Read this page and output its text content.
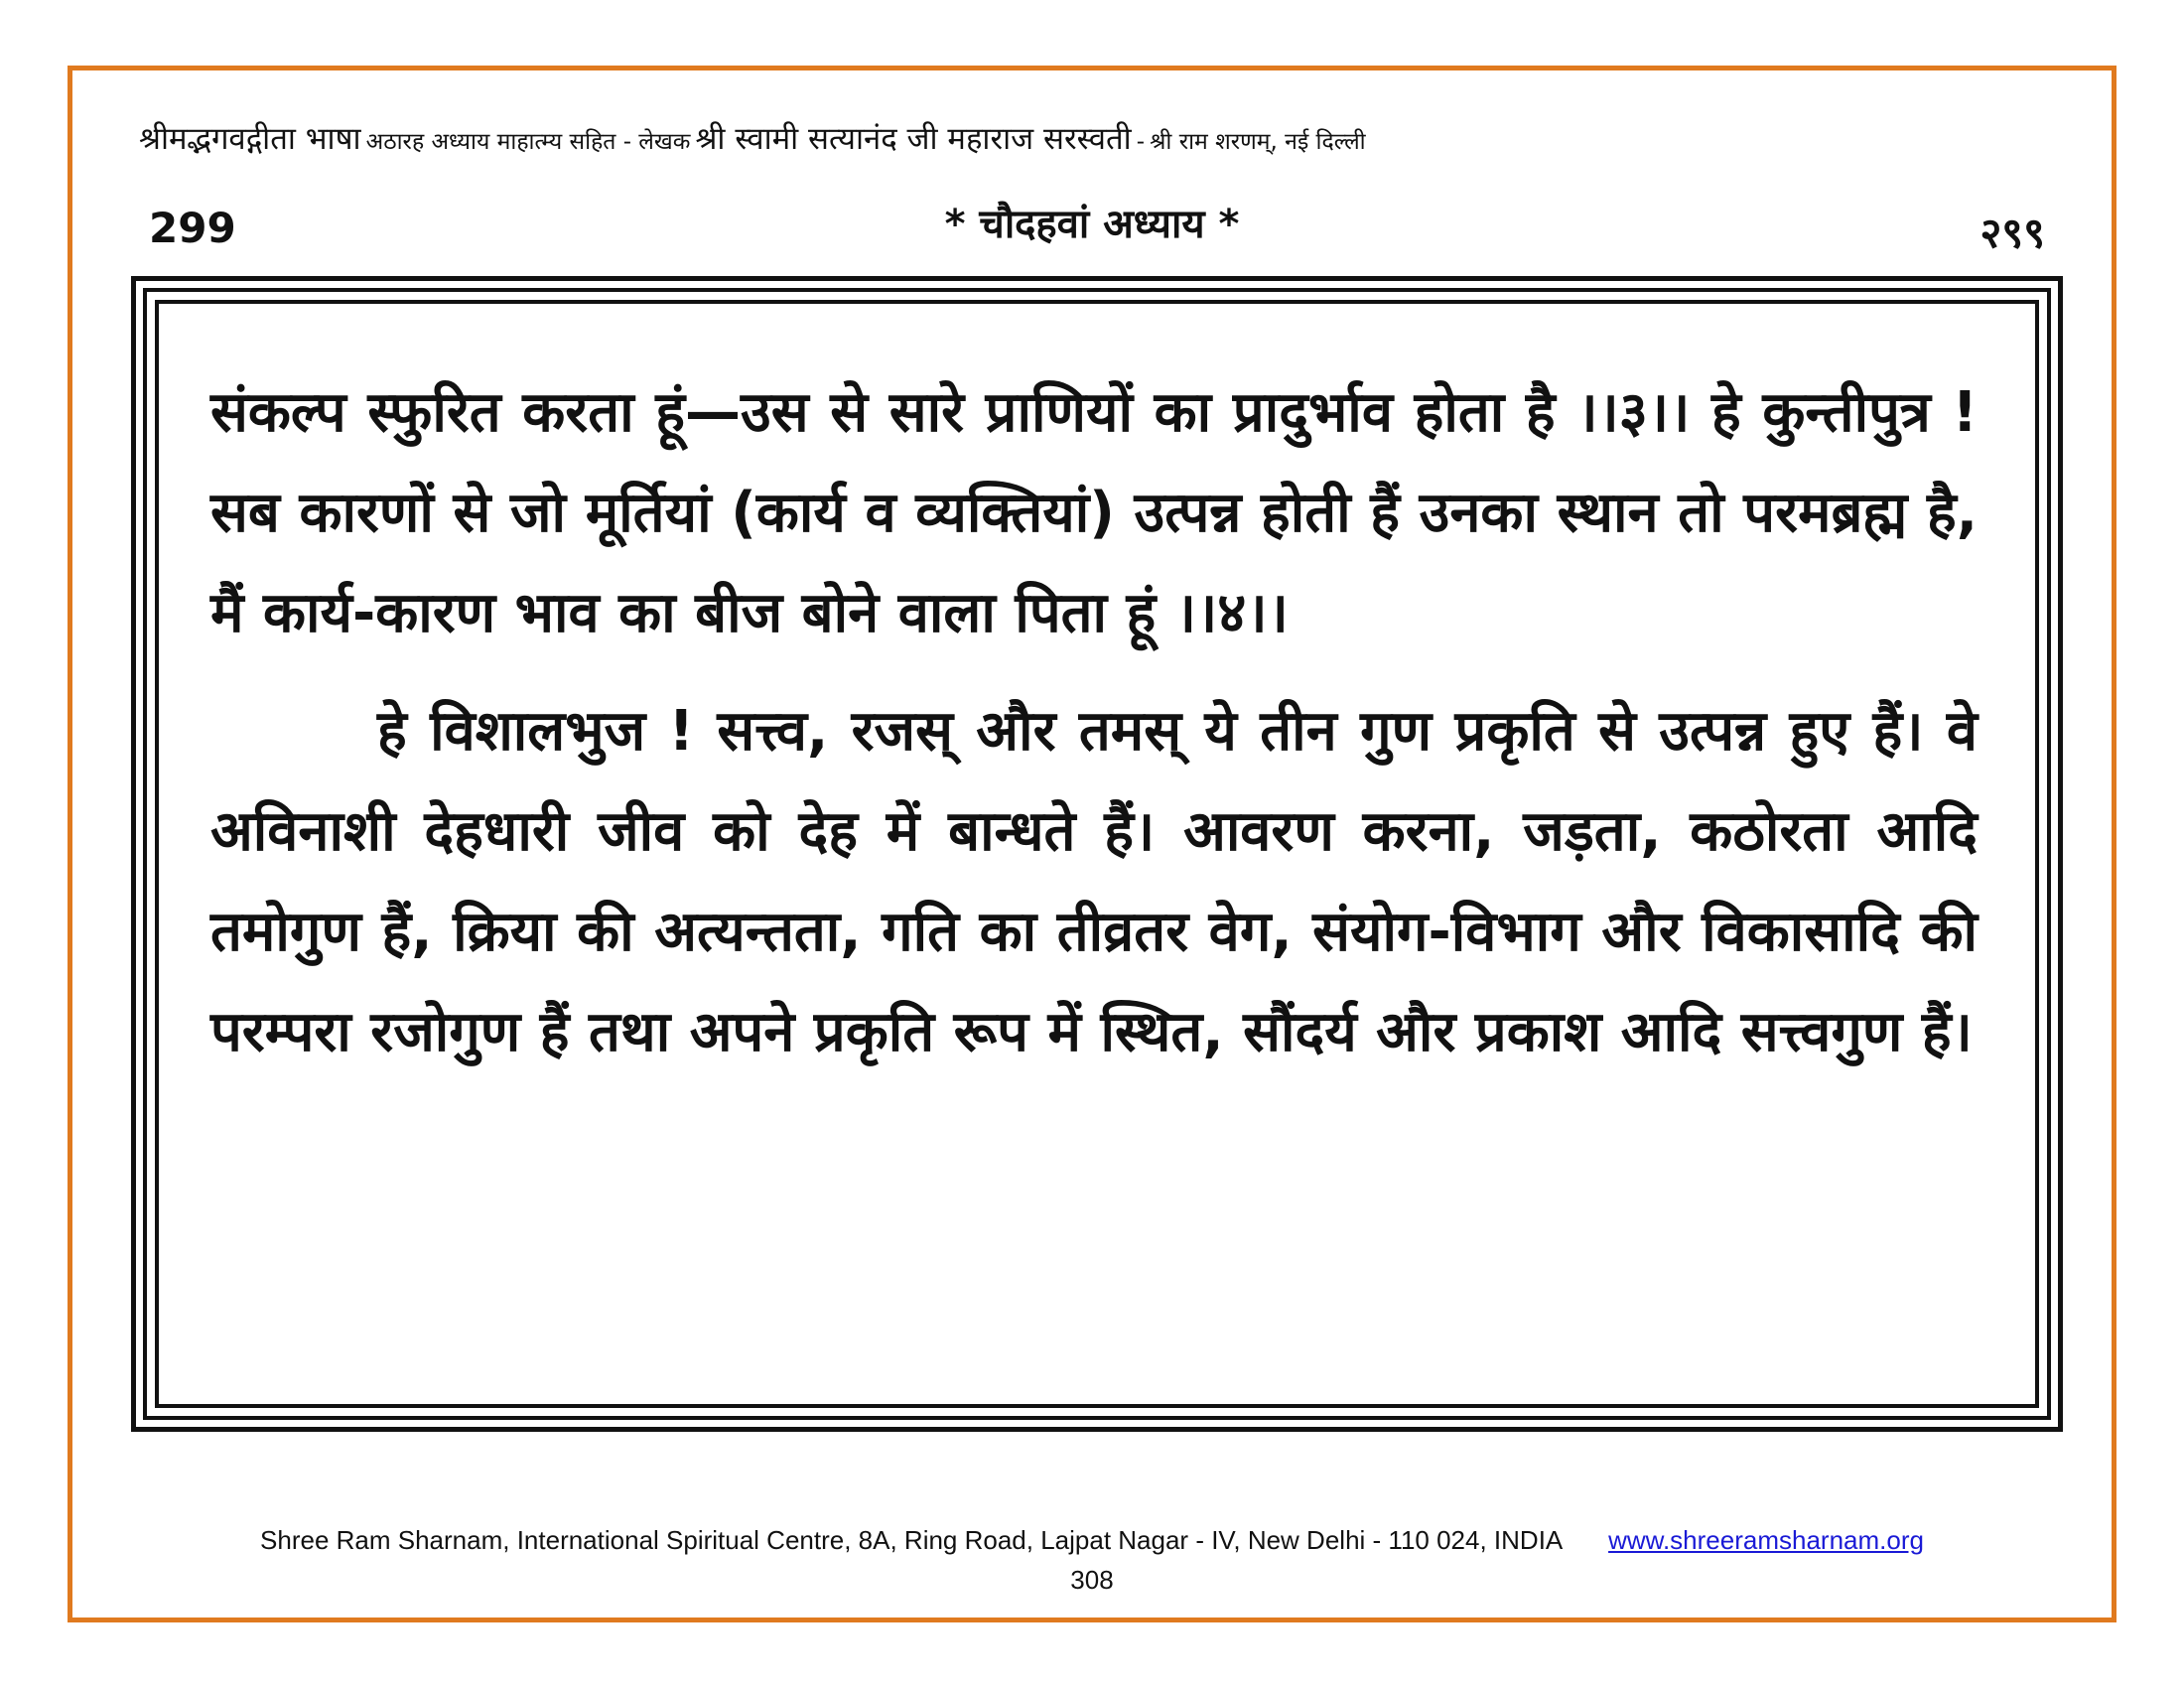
श्रीमद्भगवद्गीता भाषा अठारह अध्याय माहात्म्य सहित - लेखक श्री स्वामी सत्यानंद जी महाराज सरस्वती - श्री राम शरणम्, नई दिल्ली
299	* चौदहवां अध्याय *	२९९

संकल्प स्फुरित करता हूं—उस से सारे प्राणियों का प्रादुर्भाव होता है ।।३।। हे कुन्तीपुत्र ! सब कारणों से जो मूर्तियां (कार्य व व्यक्तियां) उत्पन्न होती हैं उनका स्थान तो परमब्रह्म है, मैं कार्य-कारण भाव का बीज बोने वाला पिता हूं ।।४।।

हे विशालभुज ! सत्त्व, रजस् और तमस् ये तीन गुण प्रकृति से उत्पन्न हुए हैं। वे अविनाशी देहधारी जीव को देह में बान्धते हैं। आवरण करना, जड़ता, कठोरता आदि तमोगुण हैं, क्रिया की अत्यन्तता, गति का तीव्रतर वेग, संयोग-विभाग और विकासादि की परम्परा रजोगुण हैं तथा अपने प्रकृति रूप में स्थित, सौंदर्य और प्रकाश आदि सत्त्वगुण हैं।

Shree Ram Sharnam, International Spiritual Centre, 8A, Ring Road, Lajpat Nagar - IV, New Delhi - 110 024, INDIA www.shreeramsharnam.org
308
